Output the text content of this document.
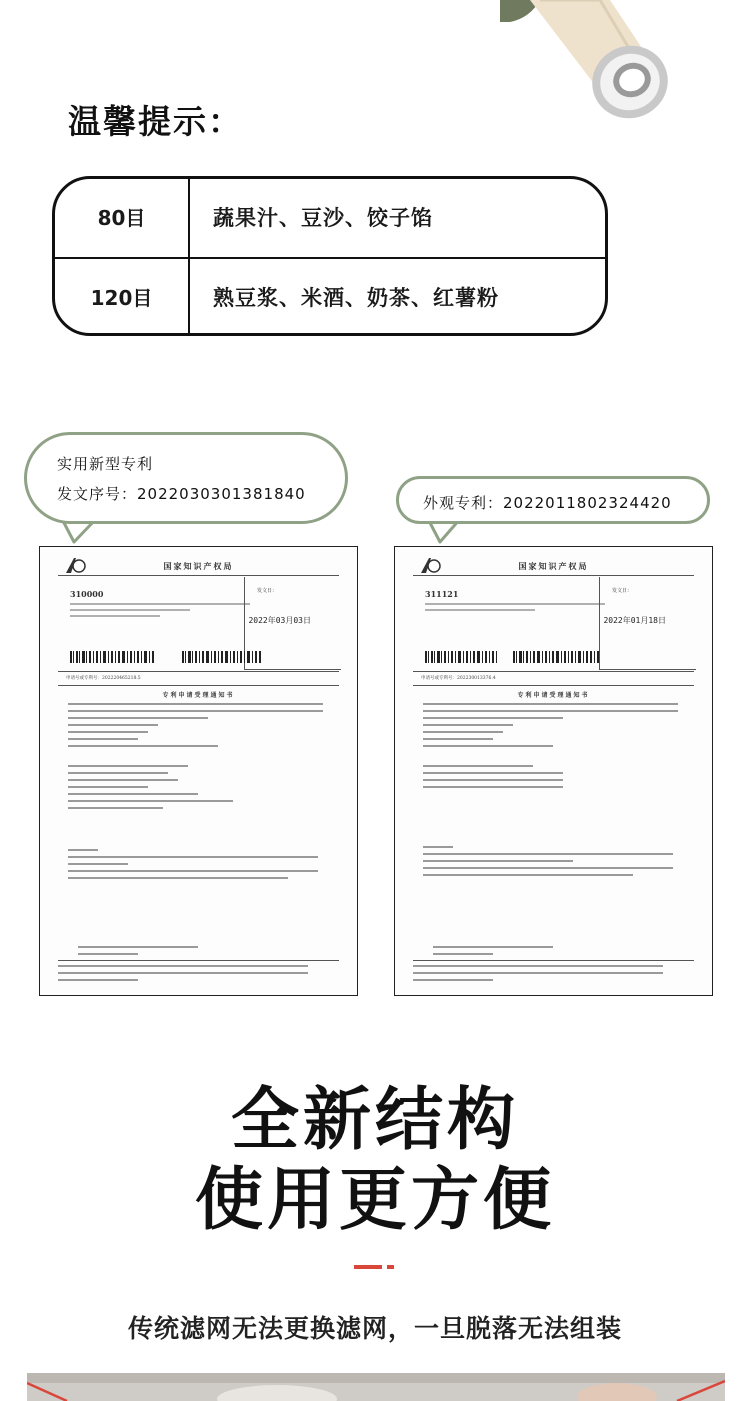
温馨提示：
80目	蔬果汁、豆沙、饺子馅
120目	熟豆浆、米酒、奶茶、红薯粉
实用新型专利
发文序号：2022030301381840	外观专利：2022011802324420
国家知识产权局
310000	发文日：
2022年03月03日
申请号或专利号：202220465218.5
专利申请受理通知书
国家知识产权局
311121	发文日：
2022年01月18日
申请号或专利号：202230013376.4
专利申请受理通知书
全新结构
使用更方便
传统滤网无法更换滤网，一旦脱落无法组装
